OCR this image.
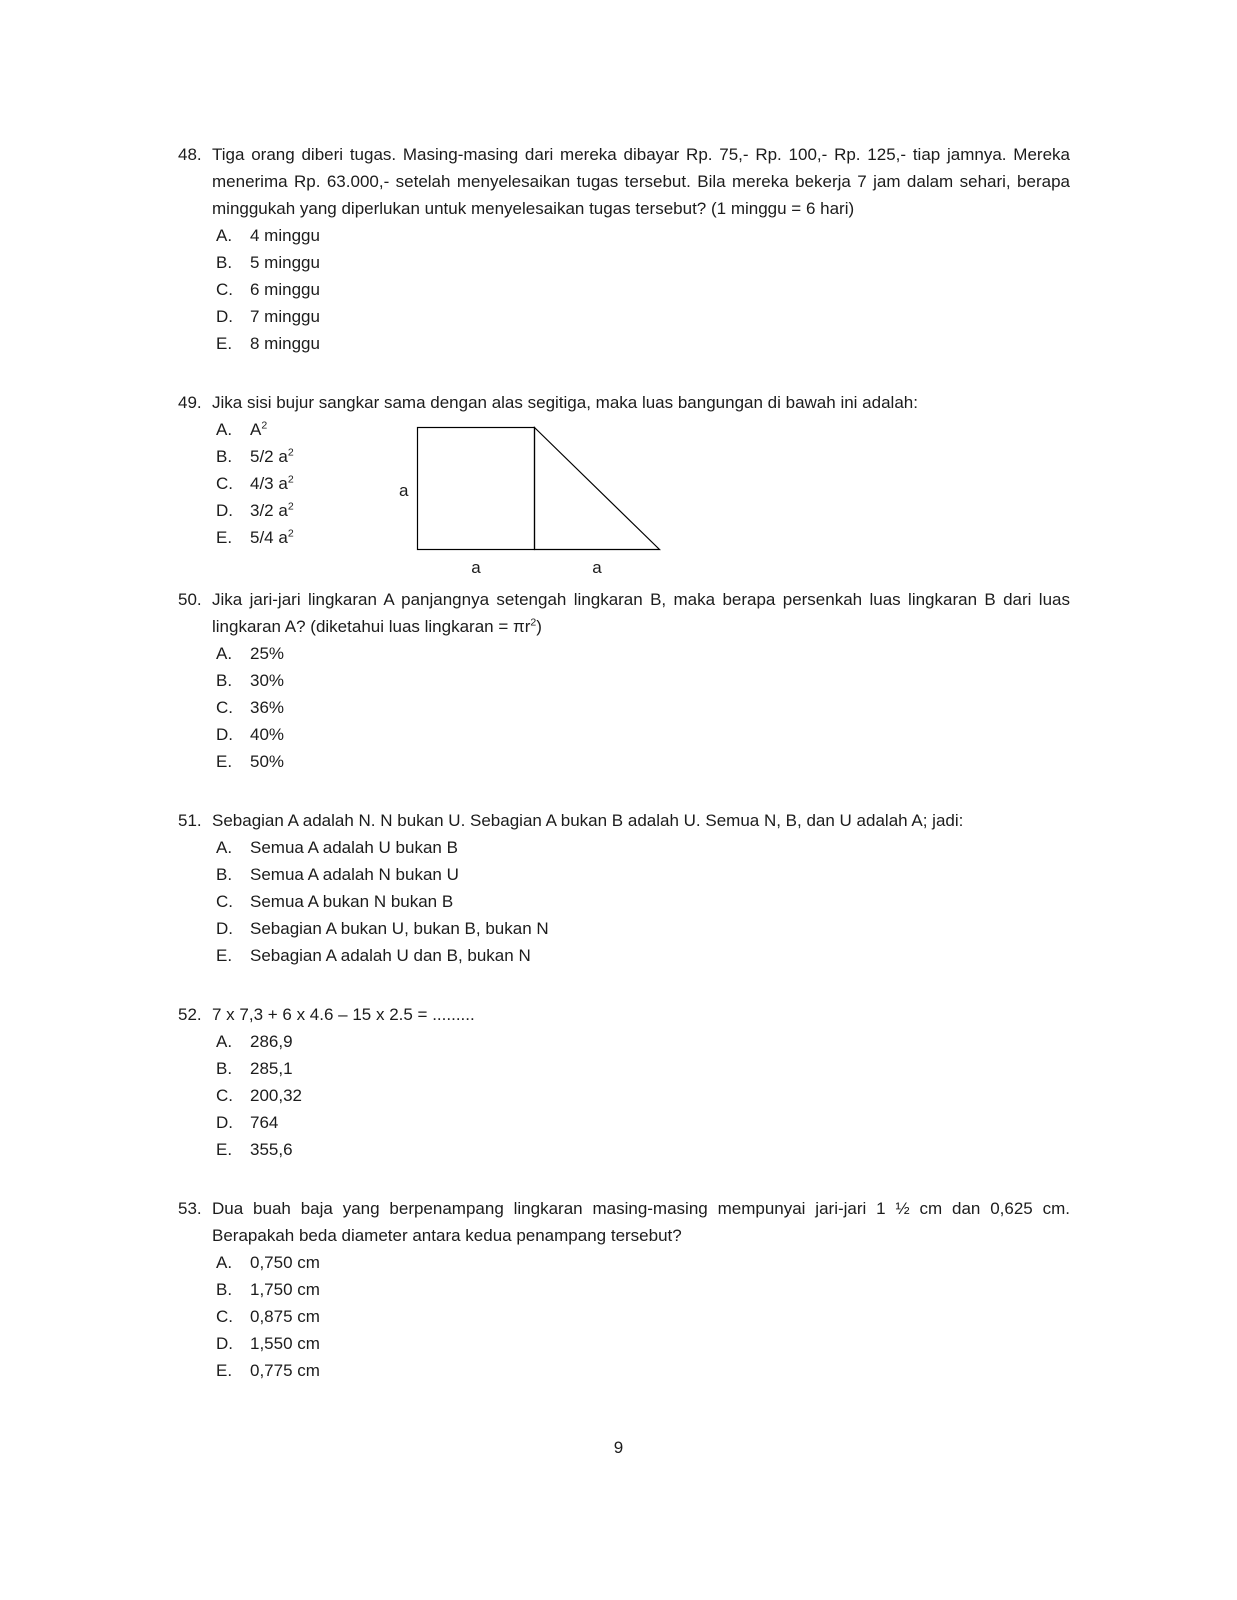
48. Tiga orang diberi tugas. Masing-masing dari mereka dibayar Rp. 75,- Rp. 100,- Rp. 125,- tiap jamnya. Mereka menerima Rp. 63.000,- setelah menyelesaikan tugas tersebut. Bila mereka bekerja 7 jam dalam sehari, berapa minggukah yang diperlukan untuk menyelesaikan tugas tersebut? (1 minggu = 6 hari)

A.	4 minggu
B.	5 minggu
C.	6 minggu
D.	7 minggu
E.	8 minggu
49. Jika sisi bujur sangkar sama dengan alas segitiga, maka luas bangungan di bawah ini adalah:

A.	$A^2$
B.	5/2 $a^2$
C.	4/3 $a^2$
D.	3/2 $a^2$
E.	5/4 $a^2$
a
a	a
50. Jika jari-jari lingkaran A panjangnya setengah lingkaran B, maka berapa persenkah luas lingkaran B dari luas lingkaran A? (diketahui luas lingkaran = $\pi r^2$)

A.	25%
B.	30%
C.	36%
D.	40%
E.	50%
51. Sebagian A adalah N. N bukan U. Sebagian A bukan B adalah U. Semua N, B, dan U adalah A; jadi:

A.	Semua A adalah U bukan B
B.	Semua A adalah N bukan U
C.	Semua A bukan N bukan B
D.	Sebagian A bukan U, bukan B, bukan N
E.	Sebagian A adalah U dan B, bukan N
52. 7 x 7,3 + 6 x 4.6 – 15 x 2.5 = .........

A.	286,9
B.	285,1
C.	200,32
D.	764
E.	355,6
53. Dua buah baja yang berpenampang lingkaran masing-masing mempunyai jari-jari 1 ½ cm dan 0,625 cm. Berapakah beda diameter antara kedua penampang tersebut?

A.	0,750 cm
B.	1,750 cm
C.	0,875 cm
D.	1,550 cm
E.	0,775 cm
9
